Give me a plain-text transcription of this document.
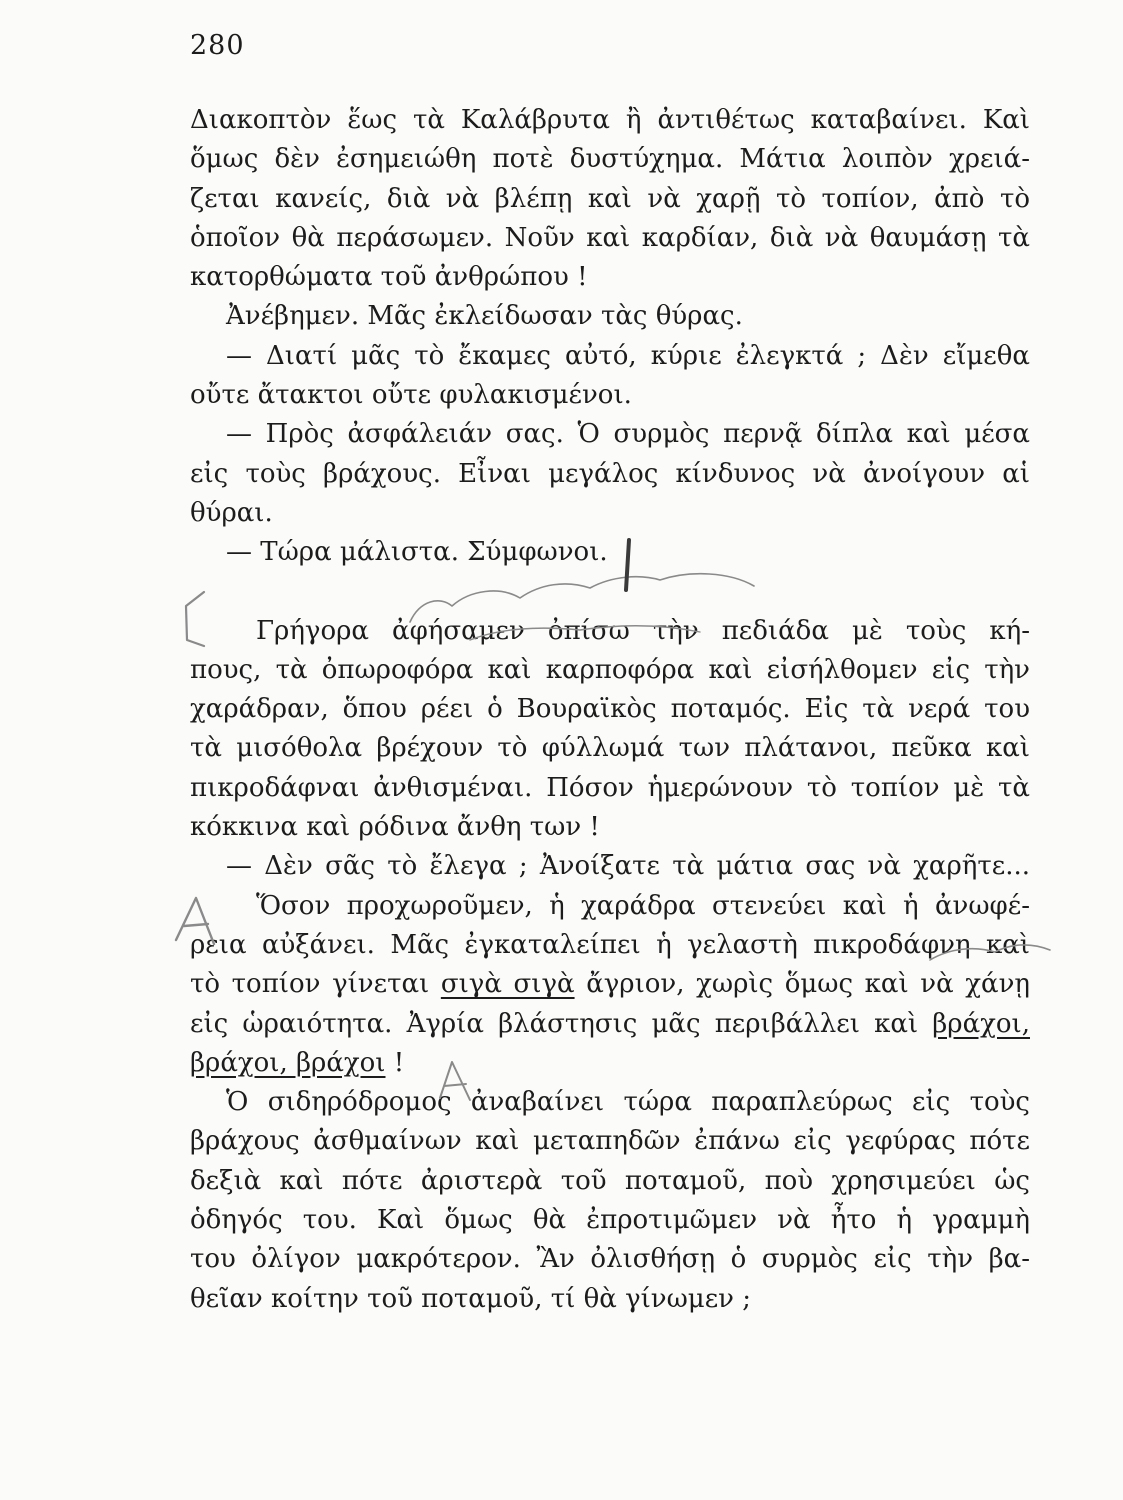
280
Διακοπτὸν ἕως τὰ Καλάβρυτα ἢ ἀντιθέτως καταβαίνει. Καὶ
ὅμως δὲν ἐσημειώθη ποτὲ δυστύχημα. Μάτια λοιπὸν χρειά-
ζεται κανείς, διὰ νὰ βλέπῃ καὶ νὰ χαρῇ τὸ τοπίον, ἀπὸ τὸ
ὁποῖον θὰ περάσωμεν. Νοῦν καὶ καρδίαν, διὰ νὰ θαυμάσῃ τὰ
κατορθώματα τοῦ ἀνθρώπου !
Ἀνέβημεν. Μᾶς ἐκλείδωσαν τὰς θύρας.
— Διατί μᾶς τὸ ἔκαμες αὐτό, κύριε ἐλεγκτά ; Δὲν εἴμεθα
οὔτε ἄτακτοι οὔτε φυλακισμένοι.
— Πρὸς ἀσφάλειάν σας. Ὁ συρμὸς περνᾷ δίπλα καὶ μέσα
εἰς τοὺς βράχους. Εἶναι μεγάλος κίνδυνος νὰ ἀνοίγουν αἱ
θύραι.
— Τώρα μάλιστα. Σύμφωνοι.
Γρήγορα ἀφήσαμεν ὀπίσω τὴν πεδιάδα μὲ τοὺς κή-
πους, τὰ ὀπωροφόρα καὶ καρποφόρα καὶ εἰσήλθομεν εἰς τὴν
χαράδραν, ὅπου ρέει ὁ Βουραϊκὸς ποταμός. Εἰς τὰ νερά του
τὰ μισόθολα βρέχουν τὸ φύλλωμά των πλάτανοι, πεῦκα καὶ
πικροδάφναι ἀνθισμέναι. Πόσον ἡμερώνουν τὸ τοπίον μὲ τὰ
κόκκινα καὶ ρόδινα ἄνθη των !
— Δὲν σᾶς τὸ ἔλεγα ; Ἀνοίξατε τὰ μάτια σας νὰ χαρῆτε...
Ὅσον προχωροῦμεν, ἡ χαράδρα στενεύει καὶ ἡ ἀνωφέ-
ρεια αὐξάνει. Μᾶς ἐγκαταλείπει ἡ γελαστὴ πικροδάφνη καὶ
τὸ τοπίον γίνεται σιγὰ σιγὰ ἄγριον, χωρὶς ὅμως καὶ νὰ χάνῃ
εἰς ὡραιότητα. Ἀγρία βλάστησις μᾶς περιβάλλει καὶ βράχοι,
βράχοι, βράχοι !
Ὁ σιδηρόδρομος ἀναβαίνει τώρα παραπλεύρως εἰς τοὺς
βράχους ἀσθμαίνων καὶ μεταπηδῶν ἐπάνω εἰς γεφύρας πότε
δεξιὰ καὶ πότε ἀριστερὰ τοῦ ποταμοῦ, ποὺ χρησιμεύει ὡς
ὁδηγός του. Καὶ ὅμως θὰ ἐπροτιμῶμεν νὰ ἦτο ἡ γραμμὴ
του ὀλίγον μακρότερον. Ἂν ὀλισθήσῃ ὁ συρμὸς εἰς τὴν βα-
θεῖαν κοίτην τοῦ ποταμοῦ, τί θὰ γίνωμεν ;
